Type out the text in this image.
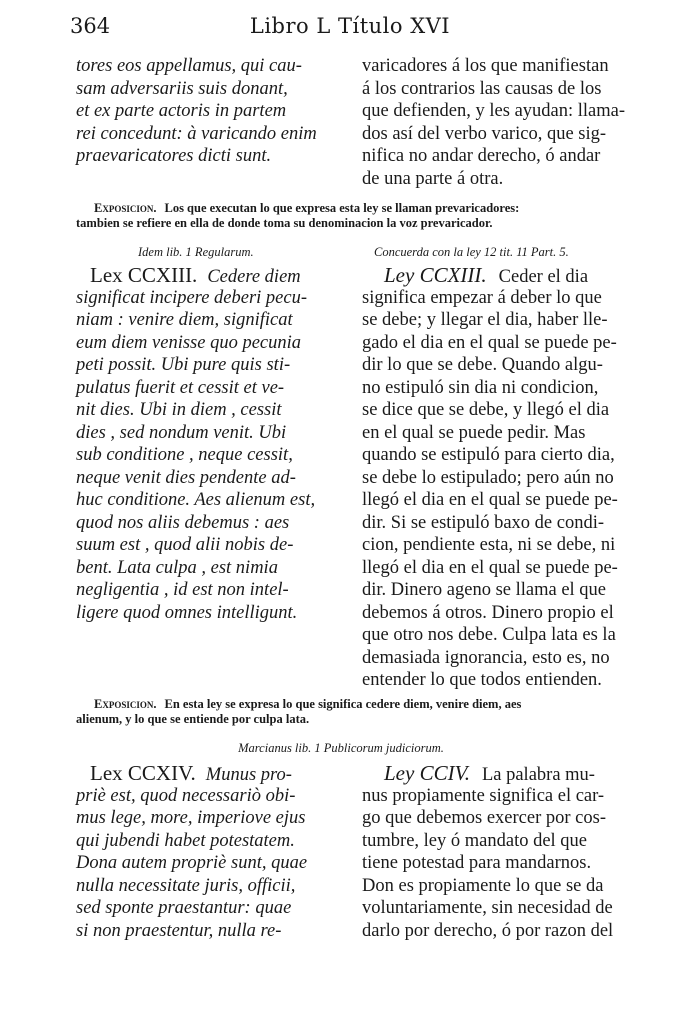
364	Libro L Título XVI
tores eos appellamus, qui cau-
sam adversariis suis donant,
et ex parte actoris in partem
rei concedunt: à varicando enim
praevaricatores dicti sunt.
varicadores á los que manifiestan
á los contrarios las causas de los
que defienden, y les ayudan: llama-
dos así del verbo varico, que sig-
nifica no andar derecho, ó andar
de una parte á otra.
Exposicion. Los que executan lo que expresa esta ley se llaman prevaricadores:
tambien se refiere en ella de donde toma su denominacion la voz prevaricador.
Idem lib. 1 Regularum.	Concuerda con la ley 12 tit. 11 Part. 5.
Lex CCXIII. Cedere diem
significat incipere deberi pecu-
niam : venire diem, significat
eum diem venisse quo pecunia
peti possit. Ubi pure quis sti-
pulatus fuerit et cessit et ve-
nit dies. Ubi in diem , cessit
dies , sed nondum venit. Ubi
sub conditione , neque cessit,
neque venit dies pendente ad-
huc conditione. Aes alienum est,
quod nos aliis debemus : aes
suum est , quod alii nobis de-
bent. Lata culpa , est nimia
negligentia , id est non intel-
ligere quod omnes intelligunt.
Ley CCXIII. Ceder el dia
significa empezar á deber lo que
se debe; y llegar el dia, haber lle-
gado el dia en el qual se puede pe-
dir lo que se debe. Quando algu-
no estipuló sin dia ni condicion,
se dice que se debe, y llegó el dia
en el qual se puede pedir. Mas
quando se estipuló para cierto dia,
se debe lo estipulado; pero aún no
llegó el dia en el qual se puede pe-
dir. Si se estipuló baxo de condi-
cion, pendiente esta, ni se debe, ni
llegó el dia en el qual se puede pe-
dir. Dinero ageno se llama el que
debemos á otros. Dinero propio el
que otro nos debe. Culpa lata es la
demasiada ignorancia, esto es, no
entender lo que todos entienden.
Exposicion. En esta ley se expresa lo que significa cedere diem, venire diem, aes
alienum, y lo que se entiende por culpa lata.
Marcianus lib. 1 Publicorum judiciorum.
Lex CCXIV. Munus pro-
priè est, quod necessariò obi-
mus lege, more, imperiove ejus
qui jubendi habet potestatem.
Dona autem propriè sunt, quae
nulla necessitate juris, officii,
sed sponte praestantur: quae
si non praestentur, nulla re-
Ley CCIV. La palabra mu-
nus propiamente significa el car-
go que debemos exercer por cos-
tumbre, ley ó mandato del que
tiene potestad para mandarnos.
Don es propiamente lo que se da
voluntariamente, sin necesidad de
darlo por derecho, ó por razon del
